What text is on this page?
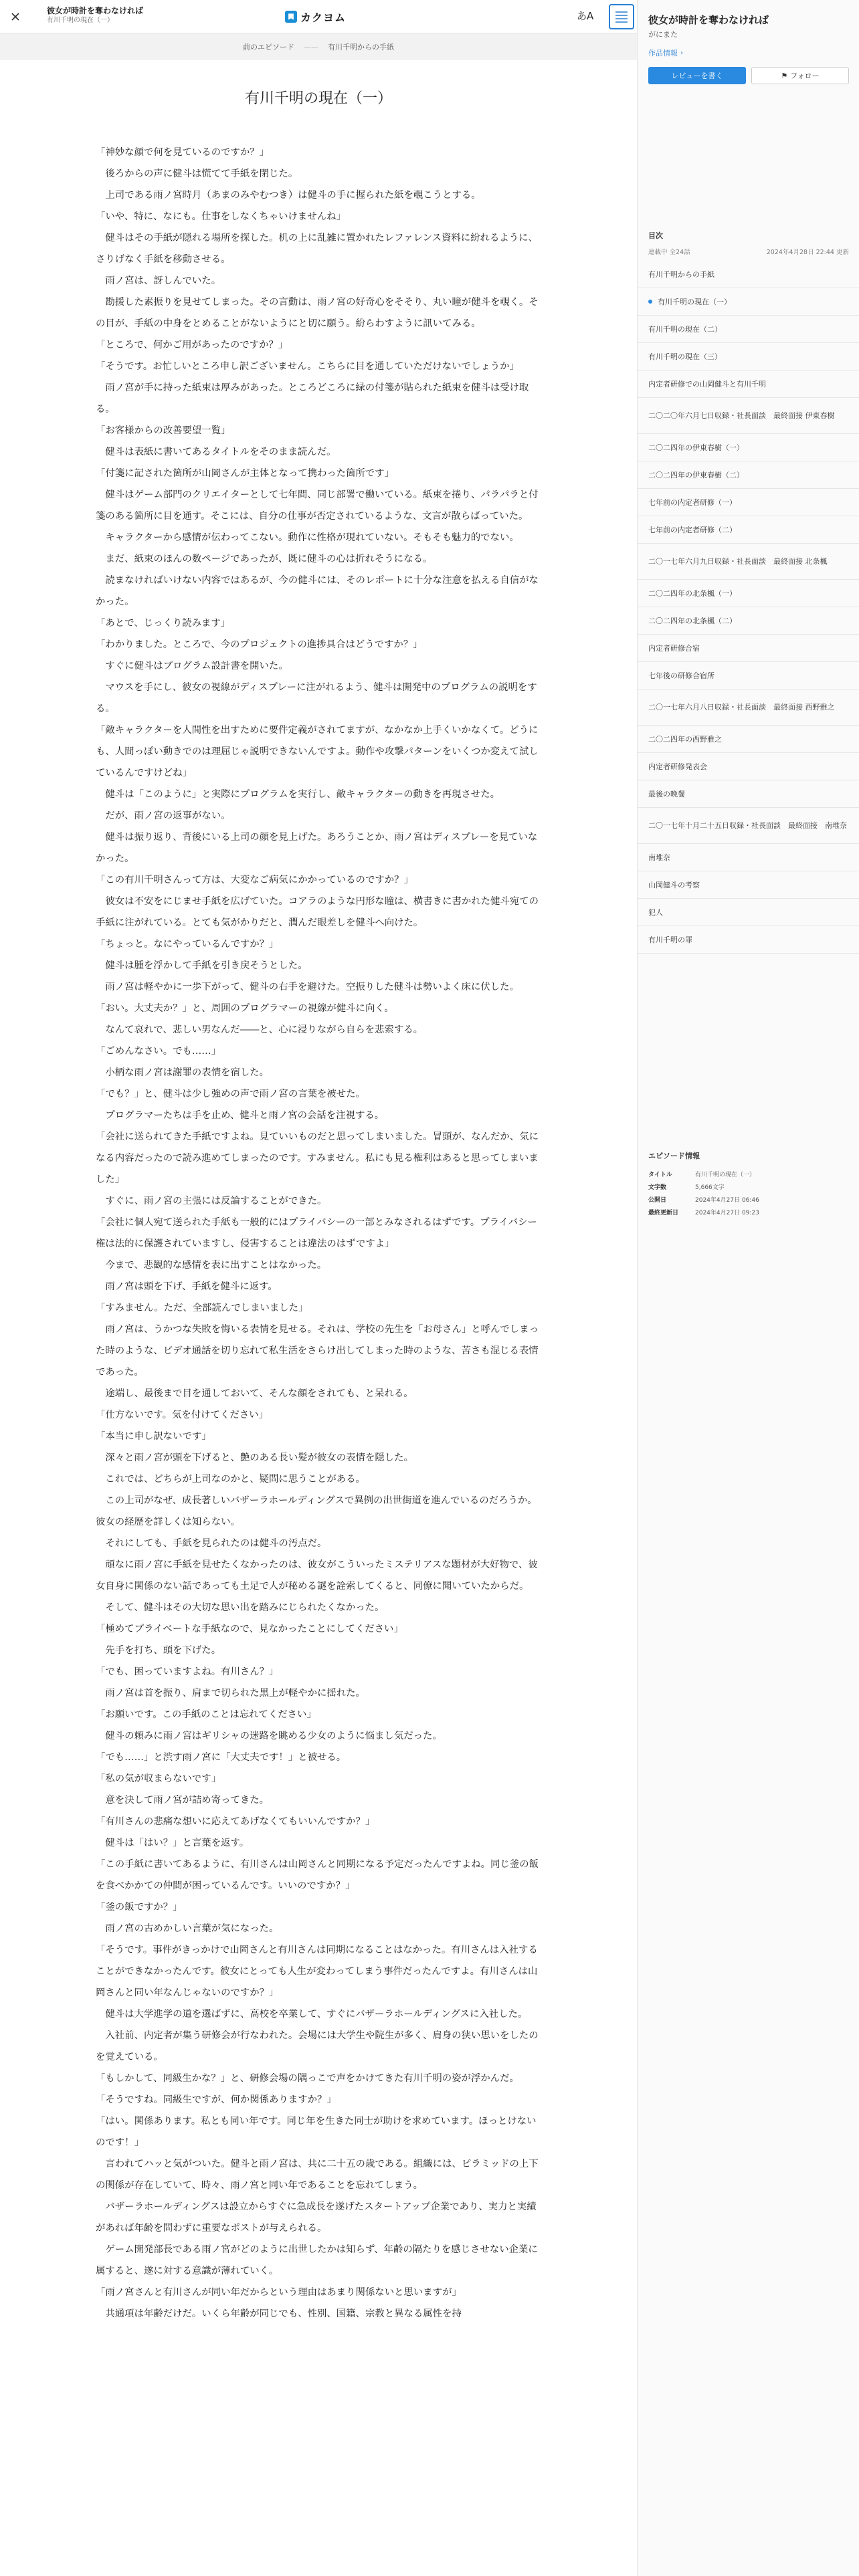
彼女が時計を奪わなければ
有川千明の現在（一）	カクヨム	あA
前のエピソード —— 有川千明からの手紙
有川千明の現在（一）

「神妙な顔で何を見ているのですか？」

　後ろからの声に健斗は慌てて手紙を閉じた。

　上司である雨ノ宮時月（あまのみやむつき）は健斗の手に握られた紙を覗こうとする。

「いや、特に、なにも。仕事をしなくちゃいけませんね」

　健斗はその手紙が隠れる場所を探した。机の上に乱雑に置かれたレファレンス資料に紛れるように、さりげなく手紙を移動させる。

　雨ノ宮は、訝しんでいた。

　勘援した素振りを見せてしまった。その言動は、雨ノ宮の好奇心をそそり、丸い瞳が健斗を覗く。その目が、手紙の中身をとめることがないようにと切に願う。紛らわすように訊いてみる。

「ところで、何かご用があったのですか？」

「そうです。お忙しいところ申し訳ございません。こちらに目を通していただけないでしょうか」

　雨ノ宮が手に持った紙束は厚みがあった。ところどころに緑の付箋が貼られた紙束を健斗は受け取る。

「お客様からの改善要望一覧」

　健斗は表紙に書いてあるタイトルをそのまま読んだ。

「付箋に記された箇所が山岡さんが主体となって携わった箇所です」

　健斗はゲーム部門のクリエイターとして七年間、同じ部署で働いている。紙束を捲り、パラパラと付箋のある箇所に目を通す。そこには、自分の仕事が否定されているような、文言が散らばっていた。

　キャラクターから感情が伝わってこない。動作に性格が現れていない。そもそも魅力的でない。

　まだ、紙束のほんの数ページであったが、既に健斗の心は折れそうになる。

　読まなければいけない内容ではあるが、今の健斗には、そのレポートに十分な注意を払える自信がなかった。

「あとで、じっくり読みます」

「わかりました。ところで、今のプロジェクトの進捗具合はどうですか？」

　すぐに健斗はプログラム設計書を開いた。

　マウスを手にし、彼女の視線がディスプレーに注がれるよう、健斗は開発中のプログラムの説明をする。

「敵キャラクターを人間性を出すために要件定義がされてますが、なかなか上手くいかなくて。どうにも、人間っぽい動きでのは理屈じゃ説明できないんですよ。動作や攻撃パターンをいくつか変えて試しているんですけどね」

　健斗は「このように」と実際にプログラムを実行し、敵キャラクターの動きを再現させた。

　だが、雨ノ宮の返事がない。

　健斗は振り返り、背後にいる上司の顔を見上げた。あろうことか、雨ノ宮はディスプレーを見ていなかった。

「この有川千明さんって方は、大変なご病気にかかっているのですか？」

　彼女は不安をにじませ手紙を広げていた。コアラのような円形な瞳は、横書きに書かれた健斗宛ての手紙に注がれている。とても気がかりだと、潤んだ眼差しを健斗へ向けた。

「ちょっと。なにやっているんですか？」

　健斗は腫を浮かして手紙を引き戻そうとした。

　雨ノ宮は軽やかに一歩下がって、健斗の右手を避けた。空振りした健斗は勢いよく床に伏した。

「おい。大丈夫か？」と、周囲のプログラマーの視線が健斗に向く。

　なんて哀れで、悲しい男なんだ――と、心に浸りながら自らを悲索する。

「ごめんなさい。でも……」

　小柄な雨ノ宮は謝罪の表情を宿した。

「でも？」と、健斗は少し強めの声で雨ノ宮の言葉を被せた。

　プログラマーたちは手を止め、健斗と雨ノ宮の会話を注視する。

「会社に送られてきた手紙ですよね。見ていいものだと思ってしまいました。冒頭が、なんだか、気になる内容だったので読み進めてしまったのです。すみません。私にも見る権利はあると思ってしまいました」

　すぐに、雨ノ宮の主張には反論することができた。

「会社に個人宛て送られた手紙も一般的にはプライバシーの一部とみなされるはずです。プライバシー権は法的に保護されていますし、侵害することは違法のはずですよ」

　今まで、悲観的な感情を表に出すことはなかった。

　雨ノ宮は頭を下げ、手紙を健斗に返す。

「すみません。ただ、全部読んでしまいました」

　雨ノ宮は、うかつな失敗を悔いる表情を見せる。それは、学校の先生を「お母さん」と呼んでしまった時のような、ビデオ通話を切り忘れて私生活をさらけ出してしまった時のような、苦さも混じる表情であった。

　途端し、最後まで目を通しておいて、そんな顔をされても、と呆れる。

「仕方ないです。気を付けてください」

「本当に申し訳ないです」

　深々と雨ノ宮が頭を下げると、艶のある長い髪が彼女の表情を隠した。

　これでは、どちらが上司なのかと、疑問に思うことがある。

　この上司がなぜ、成長著しいバザーラホールディングスで異例の出世街道を進んでいるのだろうか。彼女の経歴を詳しくは知らない。

　それにしても、手紙を見られたのは健斗の汚点だ。

　頑なに雨ノ宮に手紙を見せたくなかったのは、彼女がこういったミステリアスな題材が大好物で、彼女自身に関係のない話であっても土足で人が秘める謎を詮索してくると、同僚に聞いていたからだ。

　そして、健斗はその大切な思い出を踏みにじられたくなかった。

「極めてプライベートな手紙なので、見なかったことにしてください」

　先手を打ち、頭を下げた。

「でも、困っていますよね。有川さん？」

　雨ノ宮は首を振り、肩まで切られた黒上が軽やかに揺れた。

「お願いです。この手紙のことは忘れてください」

　健斗の頼みに雨ノ宮はギリシャの迷路を眺める少女のように悩まし気だった。

「でも……」と渋す雨ノ宮に「大丈夫です！」と被せる。

「私の気が収まらないです」

　意を決して雨ノ宮が詰め寄ってきた。

「有川さんの悲痛な想いに応えてあげなくてもいいんですか？」

　健斗は「はい？」と言葉を返す。

「この手紙に書いてあるように、有川さんは山岡さんと同期になる予定だったんですよね。同じ釜の飯を食べかかての仲間が困っているんです。いいのですか？」

「釜の飯ですか？」

　雨ノ宮の古めかしい言葉が気になった。

「そうです。事件がきっかけで山岡さんと有川さんは同期になることはなかった。有川さんは入社することができなかったんです。彼女にとっても人生が変わってしまう事件だったんですよ。有川さんは山岡さんと同い年なんじゃないのですか？」

　健斗は大学進学の道を選ばずに、高校を卒業して、すぐにバザーラホールディングスに入社した。

　入社前、内定者が集う研修会が行なわれた。会場には大学生や院生が多く、肩身の狭い思いをしたのを覚えている。

「もしかして、同級生かな？」と、研修会場の隅っこで声をかけてきた有川千明の姿が浮かんだ。

「そうですね。同級生ですが、何か関係ありますか？」

「はい。関係あります。私とも同い年です。同じ年を生きた同士が助けを求めています。ほっとけないのです！」

　言われてハッと気がついた。健斗と雨ノ宮は、共に二十五の歳である。組織には、ピラミッドの上下の関係が存在していて、時々、雨ノ宮と同い年であることを忘れてしまう。

　バザーラホールディングスは設立からすぐに急成長を遂げたスタートアップ企業であり、実力と実績があれば年齢を問わずに重要なポストが与えられる。

　ゲーム開発部長である雨ノ宮がどのように出世したかは知らず、年齢の隔たりを感じさせない企業に属すると、遂に対する意識が薄れていく。

「雨ノ宮さんと有川さんが同い年だからという理由はあまり関係ないと思いますが」

　共通項は年齢だけだ。いくら年齢が同じでも、性別、国籍、宗教と異なる属性を持

彼女が時計を奪わなければ
がにまた
作品情報 ›
レビューを書く	⚑ フォロー
目次
連載中 全24話	2024年4月28日 22:44 更新
有川千明からの手紙
有川千明の現在（一）
有川千明の現在（二）
有川千明の現在（三）
内定者研修での山岡健斗と有川千明
二〇二〇年六月七日収録・社長面談　最終面接 伊東春樹
二〇二四年の伊東春樹（一）
二〇二四年の伊東春樹（二）
七年前の内定者研修（一）
七年前の内定者研修（二）
二〇一七年六月九日収録・社長面談　最終面接 北条楓
二〇二四年の北条楓（一）
二〇二四年の北条楓（二）
内定者研修合宿
七年後の研修合宿所
二〇一七年六月八日収録・社長面談　最終面接 西野雅之
二〇二四年の西野雅之
内定者研修発表会
最後の晩餐
二〇一七年十月二十五日収録・社長面談　最終面接　南堆奈
南堆奈
山岡健斗の考察
犯人
有川千明の罪
エピソード情報
タイトル	有川千明の現在（一）
文字数	5,666文字
公開日	2024年4月27日 06:46
最終更新日	2024年4月27日 09:23
